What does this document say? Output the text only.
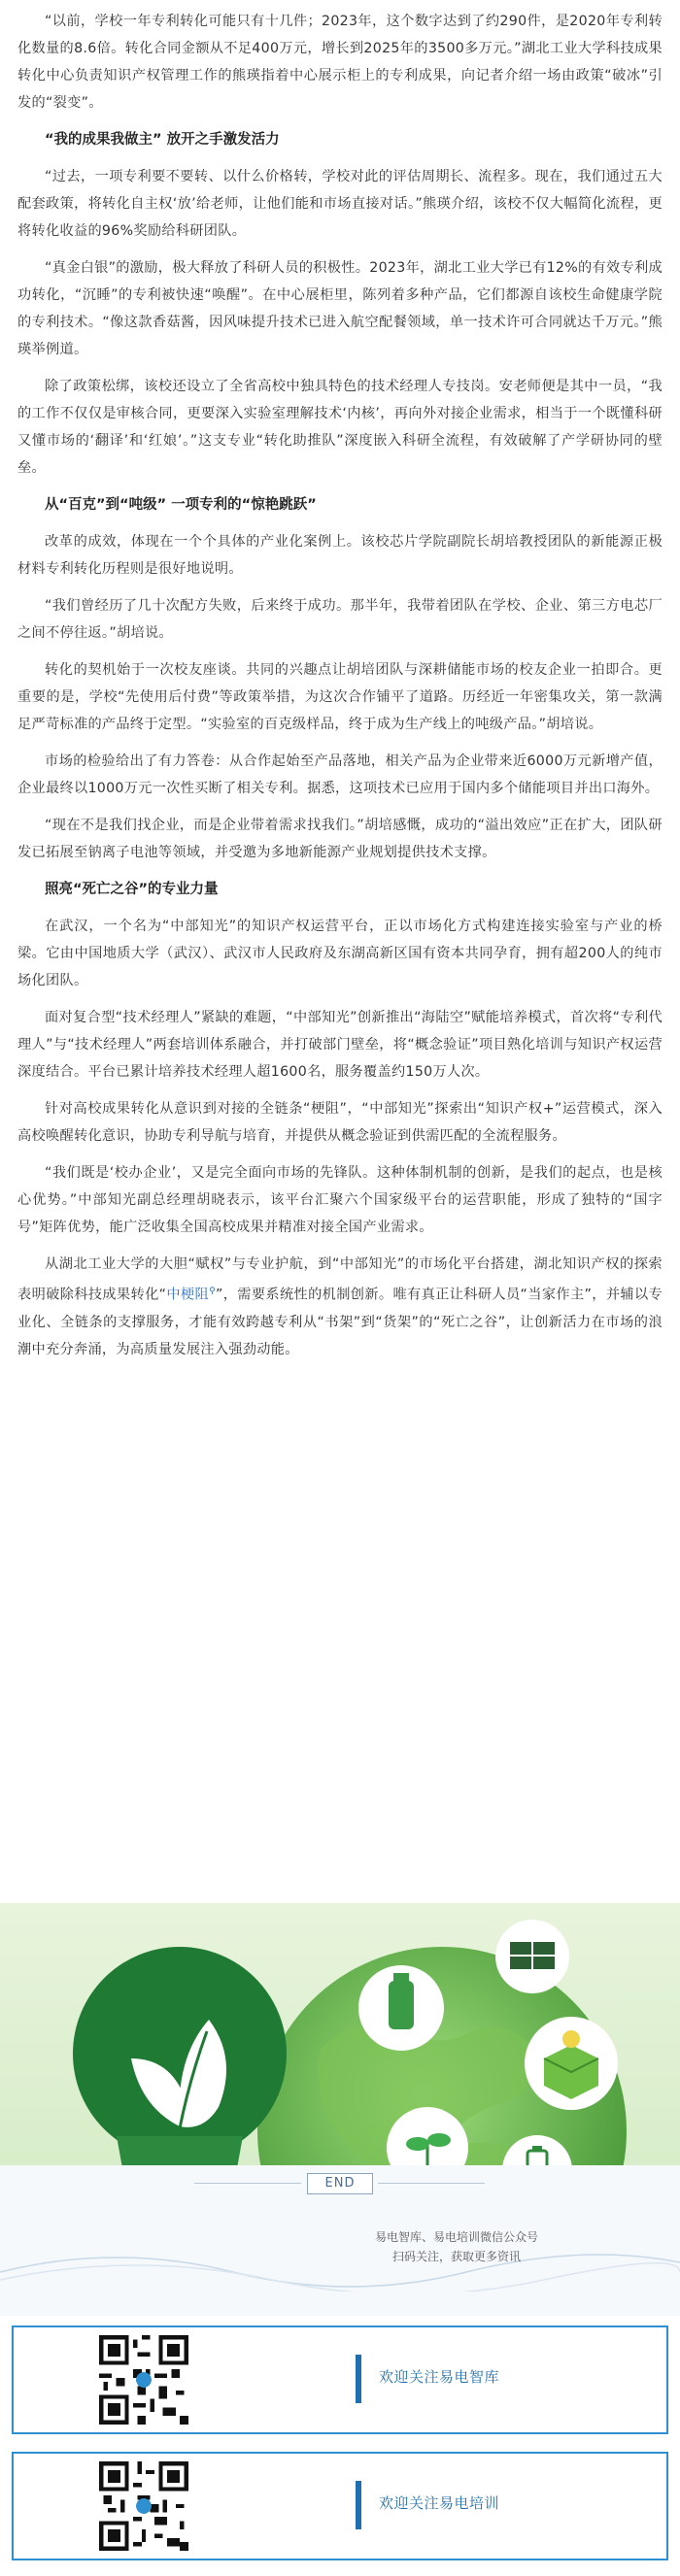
“以前，学校一年专利转化可能只有十几件；2023年，这个数字达到了约290件，是2020年专利转化数量的8.6倍。转化合同金额从不足400万元，增长到2025年的3500多万元。”湖北工业大学科技成果转化中心负责知识产权管理工作的熊瑛指着中心展示柜上的专利成果，向记者介绍一场由政策“破冰”引发的“裂变”。

“我的成果我做主” 放开之手激发活力

“过去，一项专利要不要转、以什么价格转，学校对此的评估周期长、流程多。现在，我们通过五大配套政策，将转化自主权‘放’给老师，让他们能和市场直接对话。”熊瑛介绍，该校不仅大幅简化流程，更将转化收益的96%奖励给科研团队。

“真金白银”的激励，极大释放了科研人员的积极性。2023年，湖北工业大学已有12%的有效专利成功转化，“沉睡”的专利被快速“唤醒”。在中心展柜里，陈列着多种产品，它们都源自该校生命健康学院的专利技术。“像这款香菇酱，因风味提升技术已进入航空配餐领域，单一技术许可合同就达千万元。”熊瑛举例道。

除了政策松绑，该校还设立了全省高校中独具特色的技术经理人专技岗。安老师便是其中一员，“我的工作不仅仅是审核合同，更要深入实验室理解技术‘内核’，再向外对接企业需求，相当于一个既懂科研又懂市场的‘翻译’和‘红娘’。”这支专业“转化助推队”深度嵌入科研全流程，有效破解了产学研协同的壁垒。

从“百克”到“吨级” 一项专利的“惊艳跳跃”

改革的成效，体现在一个个具体的产业化案例上。该校芯片学院副院长胡培教授团队的新能源正极材料专利转化历程则是很好地说明。

“我们曾经历了几十次配方失败，后来终于成功。那半年，我带着团队在学校、企业、第三方电芯厂之间不停往返。”胡培说。

转化的契机始于一次校友座谈。共同的兴趣点让胡培团队与深耕储能市场的校友企业一拍即合。更重要的是，学校“先使用后付费”等政策举措，为这次合作铺平了道路。历经近一年密集攻关，第一款满足严苛标准的产品终于定型。“实验室的百克级样品，终于成为生产线上的吨级产品。”胡培说。

市场的检验给出了有力答卷：从合作起始至产品落地，相关产品为企业带来近6000万元新增产值，企业最终以1000万元一次性买断了相关专利。据悉，这项技术已应用于国内多个储能项目并出口海外。

“现在不是我们找企业，而是企业带着需求找我们。”胡培感慨，成功的“溢出效应”正在扩大，团队研发已拓展至钠离子电池等领域，并受邀为多地新能源产业规划提供技术支撑。

照亮“死亡之谷”的专业力量

在武汉，一个名为“中部知光”的知识产权运营平台，正以市场化方式构建连接实验室与产业的桥梁。它由中国地质大学（武汉）、武汉市人民政府及东湖高新区国有资本共同孕育，拥有超200人的纯市场化团队。

面对复合型“技术经理人”紧缺的难题，“中部知光”创新推出“海陆空”赋能培养模式，首次将“专利代理人”与“技术经理人”两套培训体系融合，并打破部门壁垒，将“概念验证”项目熟化培训与知识产权运营深度结合。平台已累计培养技术经理人超1600名，服务覆盖约150万人次。

针对高校成果转化从意识到对接的全链条“梗阻”，“中部知光”探索出“知识产权+”运营模式，深入高校唤醒转化意识，协助专利导航与培育，并提供从概念验证到供需匹配的全流程服务。

“我们既是‘校办企业’，又是完全面向市场的先锋队。这种体制机制的创新，是我们的起点，也是核心优势。”中部知光副总经理胡晓表示，该平台汇聚六个国家级平台的运营职能，形成了独特的“国字号”矩阵优势，能广泛收集全国高校成果并精准对接全国产业需求。

从湖北工业大学的大胆“赋权”与专业护航，到“中部知光”的市场化平台搭建，湖北知识产权的探索表明破除科技成果转化“中梗阻⚲”，需要系统性的机制创新。唯有真正让科研人员“当家作主”，并辅以专业化、全链条的支撑服务，才能有效跨越专利从“书架”到“货架”的“死亡之谷”，让创新活力在市场的浪潮中充分奔涌，为高质量发展注入强劲动能。

END
易电智库、易电培训微信公众号
扫码关注，获取更多资讯
欢迎关注易电智库
欢迎关注易电培训
